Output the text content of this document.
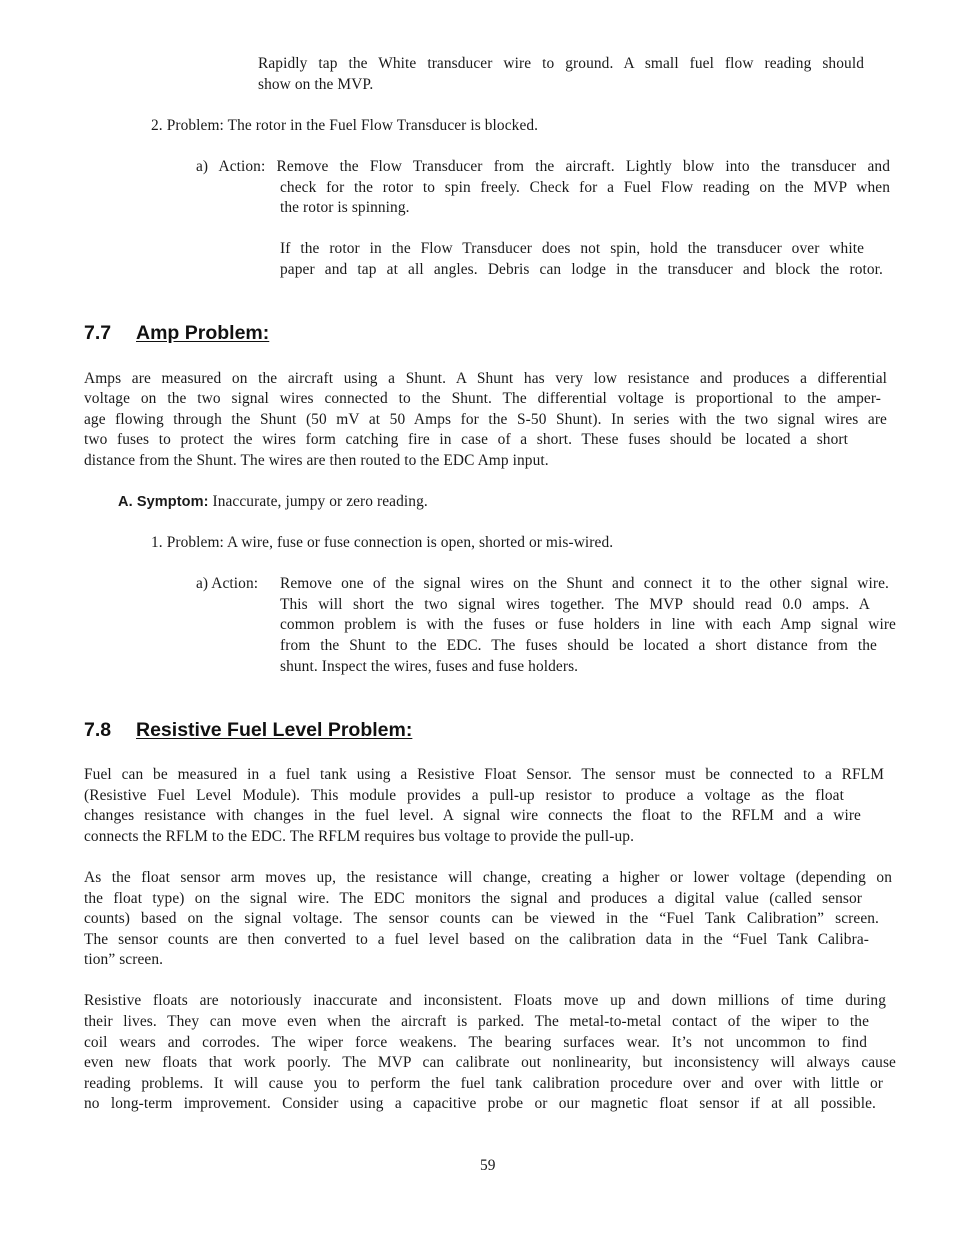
Rapidly tap the White transducer wire to ground. A small fuel flow reading should

show on the MVP.

2. Problem: The rotor in the Fuel Flow Transducer is blocked.

a) Action: Remove the Flow Transducer from the aircraft. Lightly blow into the transducer and

check for the rotor to spin freely. Check for a Fuel Flow reading on the MVP when

the rotor is spinning.

If the rotor in the Flow Transducer does not spin, hold the transducer over white

paper and tap at all angles. Debris can lodge in the transducer and block the rotor.

7.7 Amp Problem:

Amps are measured on the aircraft using a Shunt. A Shunt has very low resistance and produces a differential

voltage on the two signal wires connected to the Shunt. The differential voltage is proportional to the amper-

age flowing through the Shunt (50 mV at 50 Amps for the S-50 Shunt). In series with the two signal wires are

two fuses to protect the wires form catching fire in case of a short. These fuses should be located a short

distance from the Shunt. The wires are then routed to the EDC Amp input.

A. Symptom: Inaccurate, jumpy or zero reading.

1. Problem: A wire, fuse or fuse connection is open, shorted or mis-wired.

a) Action: Remove one of the signal wires on the Shunt and connect it to the other signal wire.

This will short the two signal wires together. The MVP should read 0.0 amps. A

common problem is with the fuses or fuse holders in line with each Amp signal wire

from the Shunt to the EDC. The fuses should be located a short distance from the

shunt. Inspect the wires, fuses and fuse holders.

7.8 Resistive Fuel Level Problem:

Fuel can be measured in a fuel tank using a Resistive Float Sensor. The sensor must be connected to a RFLM

(Resistive Fuel Level Module). This module provides a pull-up resistor to produce a voltage as the float

changes resistance with changes in the fuel level. A signal wire connects the float to the RFLM and a wire

connects the RFLM to the EDC. The RFLM requires bus voltage to provide the pull-up.

As the float sensor arm moves up, the resistance will change, creating a higher or lower voltage (depending on

the float type) on the signal wire. The EDC monitors the signal and produces a digital value (called sensor

counts) based on the signal voltage. The sensor counts can be viewed in the “Fuel Tank Calibration” screen.

The sensor counts are then converted to a fuel level based on the calibration data in the “Fuel Tank Calibra-

tion” screen.

Resistive floats are notoriously inaccurate and inconsistent. Floats move up and down millions of time during

their lives. They can move even when the aircraft is parked. The metal-to-metal contact of the wiper to the

coil wears and corrodes. The wiper force weakens. The bearing surfaces wear. It’s not uncommon to find

even new floats that work poorly. The MVP can calibrate out nonlinearity, but inconsistency will always cause

reading problems. It will cause you to perform the fuel tank calibration procedure over and over with little or

no long-term improvement. Consider using a capacitive probe or our magnetic float sensor if at all possible.

59
